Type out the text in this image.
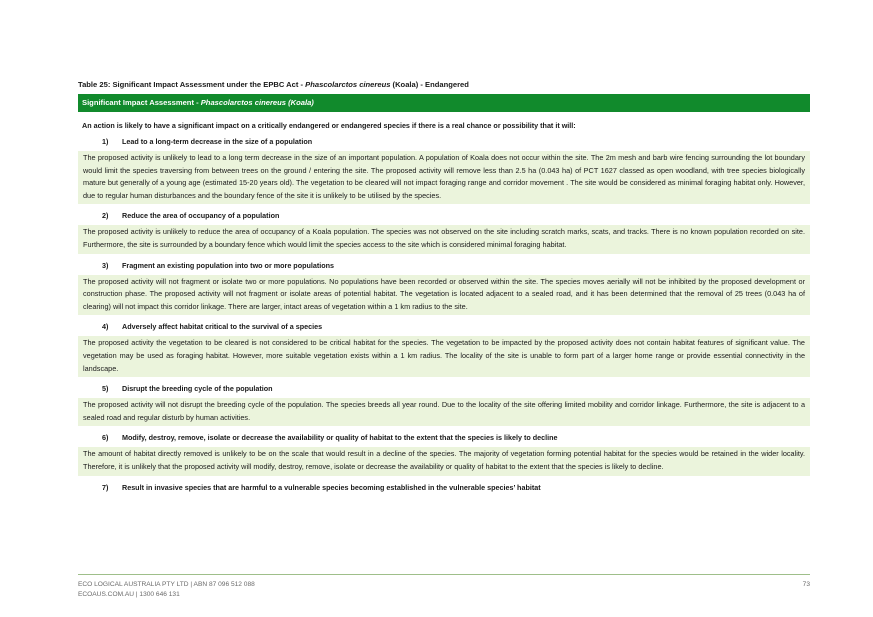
Table 25: Significant Impact Assessment under the EPBC Act - Phascolarctos cinereus (Koala) - Endangered
Significant Impact Assessment - Phascolarctos cinereus (Koala)
An action is likely to have a significant impact on a critically endangered or endangered species if there is a real chance or possibility that it will:
1)	Lead to a long-term decrease in the size of a population
The proposed activity is unlikely to lead to a long term decrease in the size of an important population. A population of Koala does not occur within the site. The 2m mesh and barb wire fencing surrounding the lot boundary would limit the species traversing from between trees on the ground / entering the site. The proposed activity will remove less than 2.5 ha (0.043 ha) of PCT 1627 classed as open woodland, with tree species biologically mature but generally of a young age (estimated 15-20 years old). The vegetation to be cleared will not impact foraging range and corridor movement . The site would be considered as minimal foraging habitat only. However, due to regular human disturbances and the boundary fence of the site it is unlikely to be utilised by the species.
2)	Reduce the area of occupancy of a population
The proposed activity is unlikely to reduce the area of occupancy of a Koala population. The species was not observed on the site including scratch marks, scats, and tracks. There is no known population recorded on site. Furthermore, the site is surrounded by a boundary fence which would limit the species access to the site which is considered minimal foraging habitat.
3)	Fragment an existing population into two or more populations
The proposed activity will not fragment or isolate two or more populations. No populations have been recorded or observed within the site. The species moves aerially will not be inhibited by the proposed development or construction phase. The proposed activity will not fragment or isolate areas of potential habitat. The vegetation is located adjacent to a sealed road, and it has been determined that the removal of 25 trees (0.043 ha of clearing) will not impact this corridor linkage. There are larger, intact areas of vegetation within a 1 km radius to the site.
4)	Adversely affect habitat critical to the survival of a species
The proposed activity the vegetation to be cleared is not considered to be critical habitat for the species. The vegetation to be impacted by the proposed activity does not contain habitat features of significant value. The vegetation may be used as foraging habitat. However, more suitable vegetation exists within a 1 km radius. The locality of the site is unable to form part of a larger home range or provide essential connectivity in the landscape.
5)	Disrupt the breeding cycle of the population
The proposed activity will not disrupt the breeding cycle of the population. The species breeds all year round. Due to the locality of the site offering limited mobility and corridor linkage. Furthermore, the site is adjacent to a sealed road and regular disturb by human activities.
6)	Modify, destroy, remove, isolate or decrease the availability or quality of habitat to the extent that the species is likely to decline
The amount of habitat directly removed is unlikely to be on the scale that would result in a decline of the species. The majority of vegetation forming potential habitat for the species would be retained in the wider locality. Therefore, it is unlikely that the proposed activity will modify, destroy, remove, isolate or decrease the availability or quality of habitat to the extent that the species is likely to decline.
7)	Result in invasive species that are harmful to a vulnerable species becoming established in the vulnerable species’ habitat
ECO LOGICAL AUSTRALIA PTY LTD | ABN 87 096 512 088
ECOAUS.COM.AU | 1300 646 131
73
